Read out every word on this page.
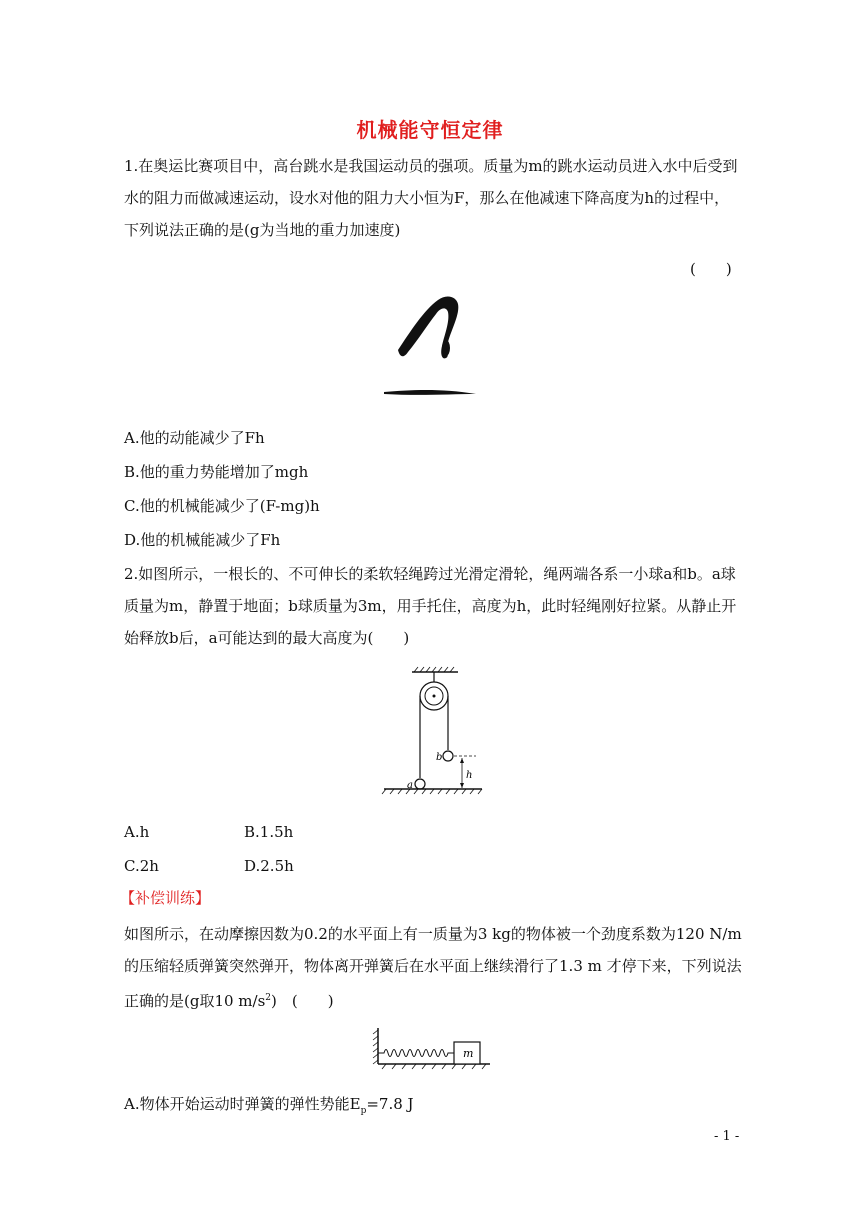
机械能守恒定律
1.在奥运比赛项目中，高台跳水是我国运动员的强项。质量为m的跳水运动员进入水中后受到水的阻力而做减速运动，设水对他的阻力大小恒为F，那么在他减速下降高度为h的过程中，下列说法正确的是(g为当地的重力加速度)
(　　)
A.他的动能减少了Fh
B.他的重力势能增加了mgh
C.他的机械能减少了(F-mg)h
D.他的机械能减少了Fh
2.如图所示，一根长的、不可伸长的柔软轻绳跨过光滑定滑轮，绳两端各系一小球a和b。a球质量为m，静置于地面；b球质量为3m，用手托住，高度为h，此时轻绳刚好拉紧。从静止开始释放b后，a可能达到的最大高度为(　　)
b
a
h
A.h	B.1.5h
C.2h	D.2.5h
【补偿训练】
如图所示，在动摩擦因数为0.2的水平面上有一质量为3 kg的物体被一个劲度系数为120 N/m的压缩轻质弹簧突然弹开，物体离开弹簧后在水平面上继续滑行了1.3 m 才停下来，下列说法正确的是(g取10 $m/s^2$)　(　　)
m
A.物体开始运动时弹簧的弹性势能$E_p=7.8$ J
- 1 -
